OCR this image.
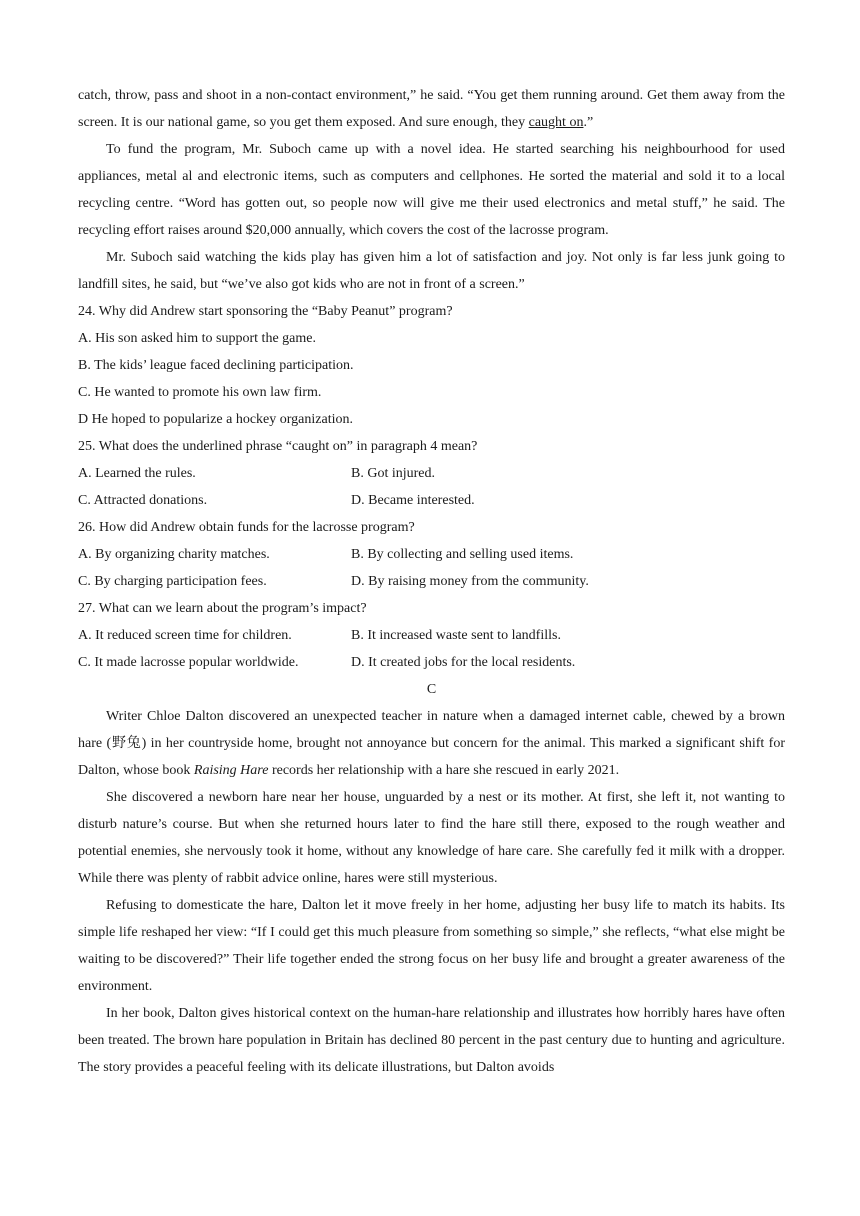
catch, throw, pass and shoot in a non-contact environment,” he said. “You get them running around. Get them away from the screen. It is our national game, so you get them exposed. And sure enough, they caught on.”

To fund the program, Mr. Suboch came up with a novel idea. He started searching his neighbourhood for used appliances, metal al and electronic items, such as computers and cellphones. He sorted the material and sold it to a local recycling centre. “Word has gotten out, so people now will give me their used electronics and metal stuff,” he said. The recycling effort raises around $20,000 annually, which covers the cost of the lacrosse program.

Mr. Suboch said watching the kids play has given him a lot of satisfaction and joy. Not only is far less junk going to landfill sites, he said, but “we’ve also got kids who are not in front of a screen.”

24. Why did Andrew start sponsoring the “Baby Peanut” program?

A. His son asked him to support the game.

B. The kids’ league faced declining participation.

C. He wanted to promote his own law firm.

D He hoped to popularize a hockey organization.

25. What does the underlined phrase “caught on” in paragraph 4 mean?

A. Learned the rules.	B. Got injured.
C. Attracted donations.	D. Became interested.

26. How did Andrew obtain funds for the lacrosse program?

A. By organizing charity matches.	B. By collecting and selling used items.
C. By charging participation fees.	D. By raising money from the community.

27. What can we learn about the program’s impact?

A. It reduced screen time for children.	B. It increased waste sent to landfills.
C. It made lacrosse popular worldwide.	D. It created jobs for the local residents.

C

Writer Chloe Dalton discovered an unexpected teacher in nature when a damaged internet cable, chewed by a brown hare (野兔) in her countryside home, brought not annoyance but concern for the animal. This marked a significant shift for Dalton, whose book Raising Hare records her relationship with a hare she rescued in early 2021.

She discovered a newborn hare near her house, unguarded by a nest or its mother. At first, she left it, not wanting to disturb nature’s course. But when she returned hours later to find the hare still there, exposed to the rough weather and potential enemies, she nervously took it home, without any knowledge of hare care. She carefully fed it milk with a dropper. While there was plenty of rabbit advice online, hares were still mysterious.

Refusing to domesticate the hare, Dalton let it move freely in her home, adjusting her busy life to match its habits. Its simple life reshaped her view: “If I could get this much pleasure from something so simple,” she reflects, “what else might be waiting to be discovered?” Their life together ended the strong focus on her busy life and brought a greater awareness of the environment.

In her book, Dalton gives historical context on the human-hare relationship and illustrates how horribly hares have often been treated. The brown hare population in Britain has declined 80 percent in the past century due to hunting and agriculture. The story provides a peaceful feeling with its delicate illustrations, but Dalton avoids
